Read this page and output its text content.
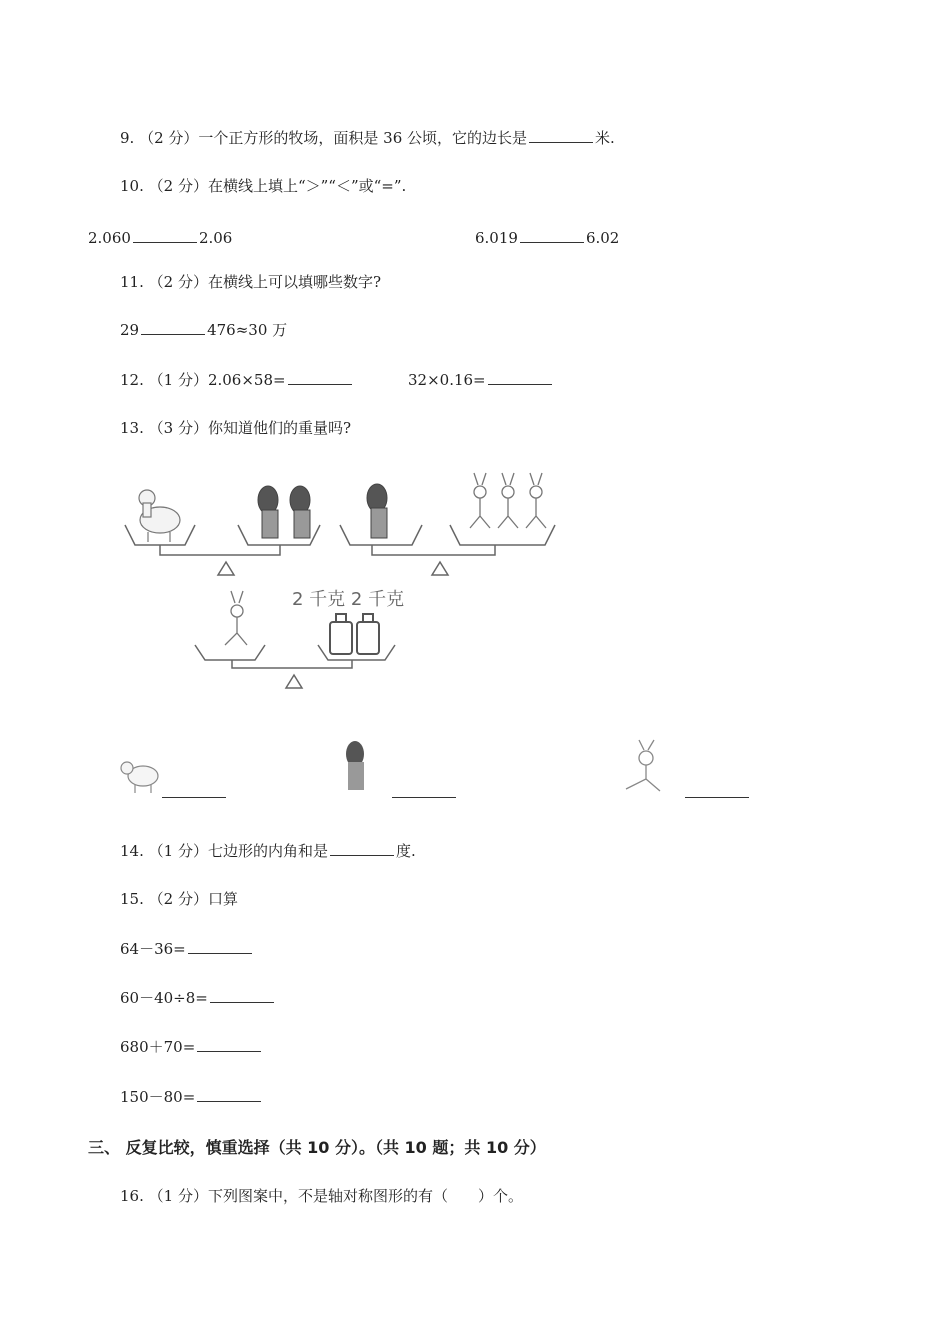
9. （2 分）一个正方形的牧场，面积是 36 公顷，它的边长是	米.
10. （2 分）在横线上填上“＞”“＜”或“=”.
2.060	2.06	6.019	6.02
11. （2 分）在横线上可以填哪些数字?
29	476≈30 万
12. （1 分）2.06×58=	32×0.16=
13. （3 分）你知道他们的重量吗?
2 千克 2 千克
14. （1 分）七边形的内角和是	度.
15. （2 分）口算
64－36=
60－40÷8=
680＋70=
150－80=
三、 反复比较，慎重选择（共 10 分）。（共 10 题；共 10 分）
16. （1 分）下列图案中，不是轴对称图形的有（　　）个。
